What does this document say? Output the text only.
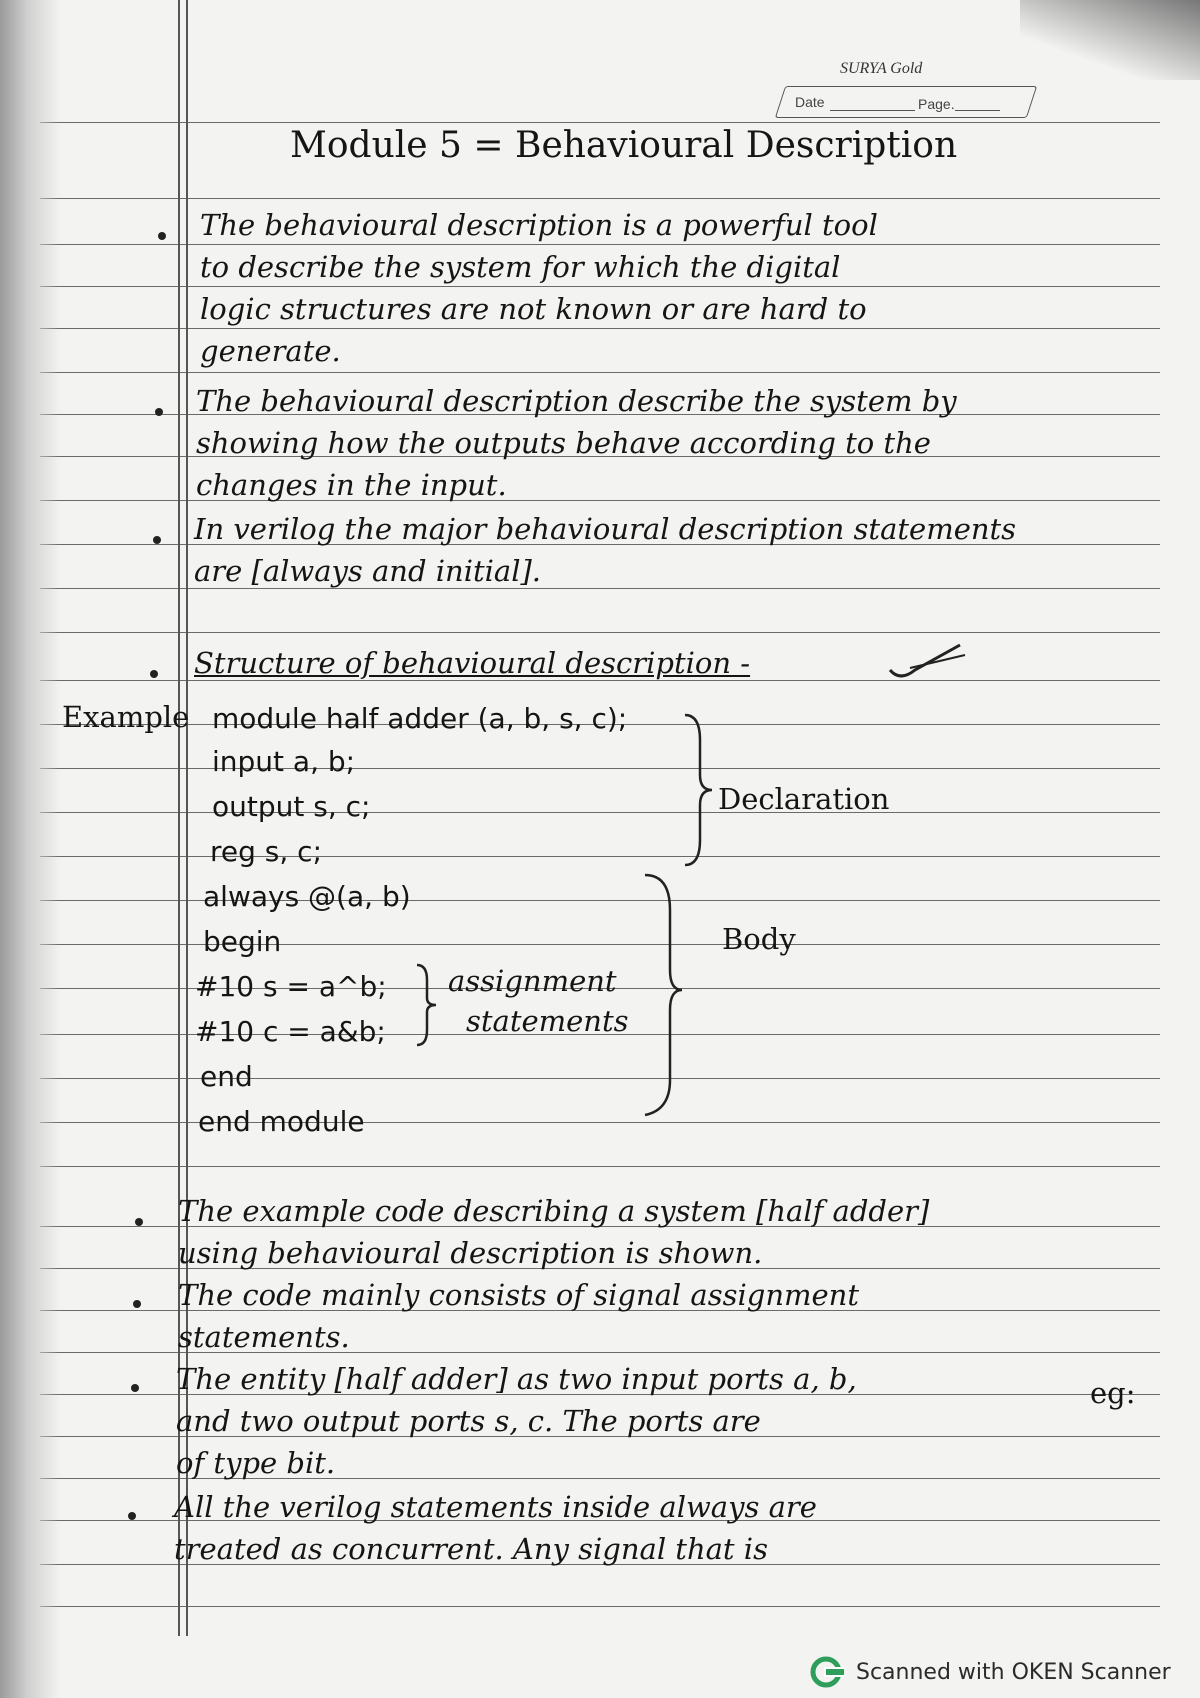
SURYA Gold
Date	Page.
Module 5 = Behavioural Description
The behavioural description is a powerful tool
to describe the system for which the digital
logic structures are not known or are hard to
generate.
The behavioural description describe the system by
showing how the outputs behave according to the
changes in the input.
In verilog the major behavioural description statements
are [always and initial].
Structure of behavioural description -
Example module half adder (a, b, s, c);
input a, b;
output s, c;
reg s, c;
always @(a, b)
begin
#10 s = a^b;
#10 c = a&b;
end
end module
Declaration
Body
assignment
statements
The example code describing a system [half adder]
using behavioural description is shown.
The code mainly consists of signal assignment
statements.
The entity [half adder] as two input ports a, b,
and two output ports s, c. The ports are
of type bit.
eg:
All the verilog statements inside always are
treated as concurrent. Any signal that is
Scanned with OKEN Scanner
